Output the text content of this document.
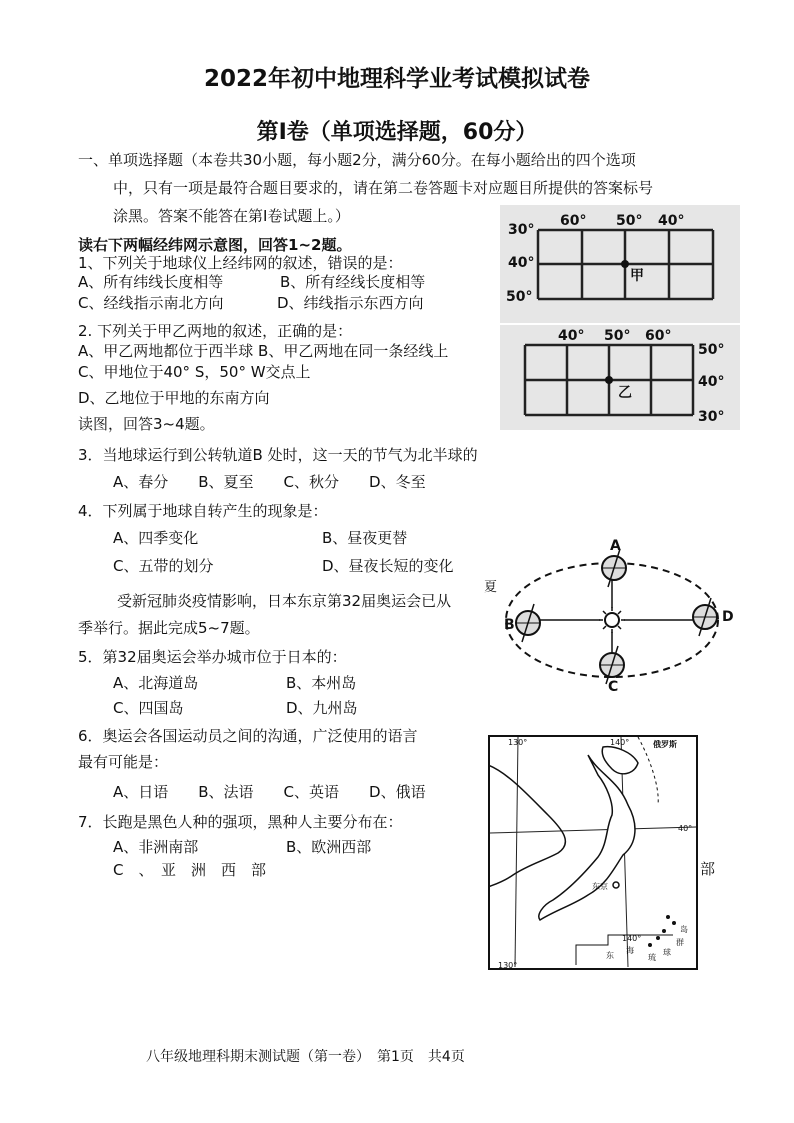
2022年初中地理科学业考试模拟试卷
第Ⅰ卷（单项选择题，60分）
一、单项选择题（本卷共30小题，每小题2分，满分60分。在每小题给出的四个选项
中，只有一项是最符合题目要求的，请在第二卷答题卡对应题目所提供的答案标号
涂黑。答案不能答在第Ⅰ卷试题上。）
读右下两幅经纬网示意图，回答1~2题。
1、下列关于地球仪上经纬网的叙述，错误的是：
A、所有纬线长度相等	B、所有经线长度相等
C、经线指示南北方向	D、纬线指示东西方向
2. 下列关于甲乙两地的叙述，正确的是：
A、甲乙两地都位于西半球 B、甲乙两地在同一条经线上
C、甲地位于40° S，50° W交点上
D、乙地位于甲地的东南方向
读图，回答3~4题。
3．当地球运行到公转轨道B 处时，这一天的节气为北半球的
A、春分　　B、夏至　　C、秋分　　D、冬至
4．下列属于地球自转产生的现象是：
A、四季变化	B、昼夜更替
C、五带的划分	D、昼夜长短的变化
受新冠肺炎疫情影响，日本东京第32届奥运会已从
夏
季举行。据此完成5~7题。
5．第32届奥运会举办城市位于日本的：
A、北海道岛	B、本州岛
C、四国岛	D、九州岛
6．奥运会各国运动员之间的沟通，广泛使用的语言
最有可能是：
A、日语　　B、法语　　C、英语　　D、俄语
7．长跑是黑色人种的强项，黑种人主要分布在：
A、非洲南部	B、欧洲西部
C　、　亚　洲　西　部	部
60° 50° 40°
30°
40°
50°
甲
40° 50° 60°
50°
40°
30°
乙
A
B
C
D
130°	140°
140°
130°
40°
俄罗斯
东京
东
海
琉
球
群
岛
八年级地理科期末测试题（第一卷）　第1页　共4页
